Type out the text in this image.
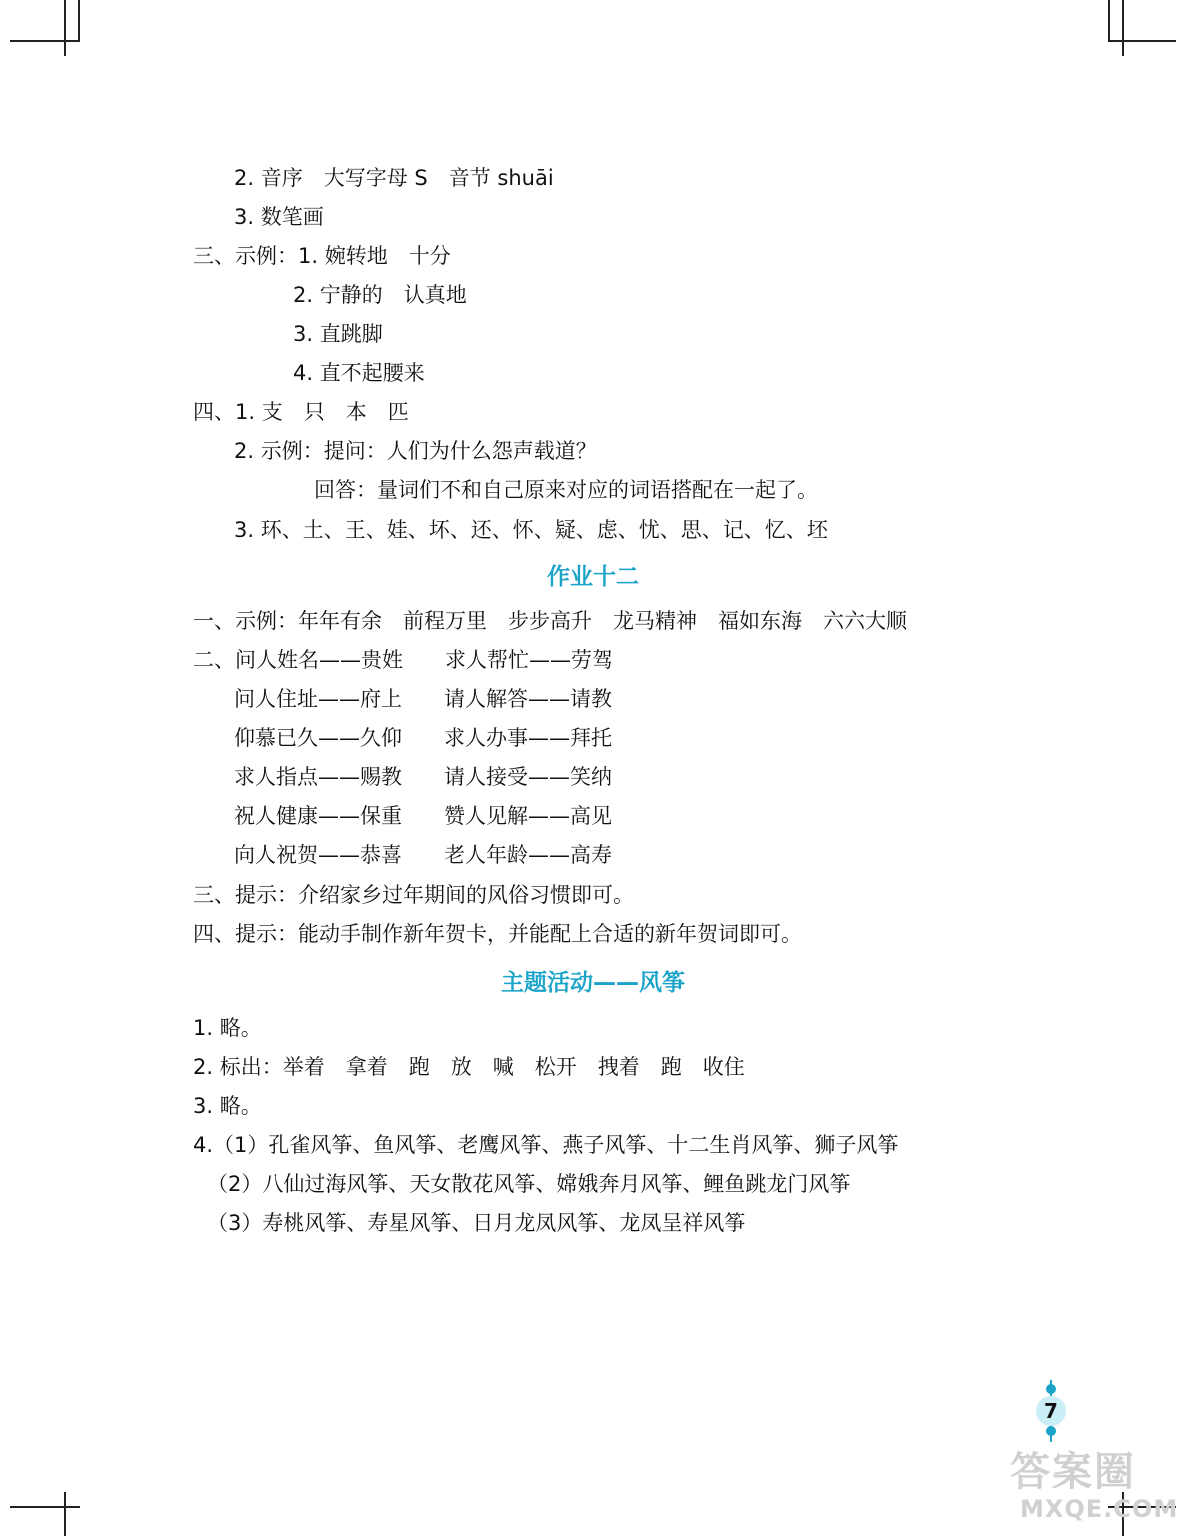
2. 音序　大写字母 S　音节 shuāi
3. 数笔画
三、示例：1. 婉转地　十分
2. 宁静的　认真地
3. 直跳脚
4. 直不起腰来
四、1. 支　只　本　匹
2. 示例：提问：人们为什么怨声载道？
回答：量词们不和自己原来对应的词语搭配在一起了。
3. 环、土、王、娃、坏、还、怀、疑、虑、忧、思、记、忆、坯
作业十二
一、示例：年年有余　前程万里　步步高升　龙马精神　福如东海　六六大顺
二、问人姓名——贵姓　　求人帮忙——劳驾
问人住址——府上　　请人解答——请教
仰慕已久——久仰　　求人办事——拜托
求人指点——赐教　　请人接受——笑纳
祝人健康——保重　　赞人见解——高见
向人祝贺——恭喜　　老人年龄——高寿
三、提示：介绍家乡过年期间的风俗习惯即可。
四、提示：能动手制作新年贺卡，并能配上合适的新年贺词即可。
主题活动——风筝
1. 略。
2. 标出：举着　拿着　跑　放　喊　松开　拽着　跑　收住
3. 略。
4.（1）孔雀风筝、鱼风筝、老鹰风筝、燕子风筝、十二生肖风筝、狮子风筝
（2）八仙过海风筝、天女散花风筝、嫦娥奔月风筝、鲤鱼跳龙门风筝
（3）寿桃风筝、寿星风筝、日月龙凤风筝、龙凤呈祥风筝
7
答案圈
MXQE.COM
